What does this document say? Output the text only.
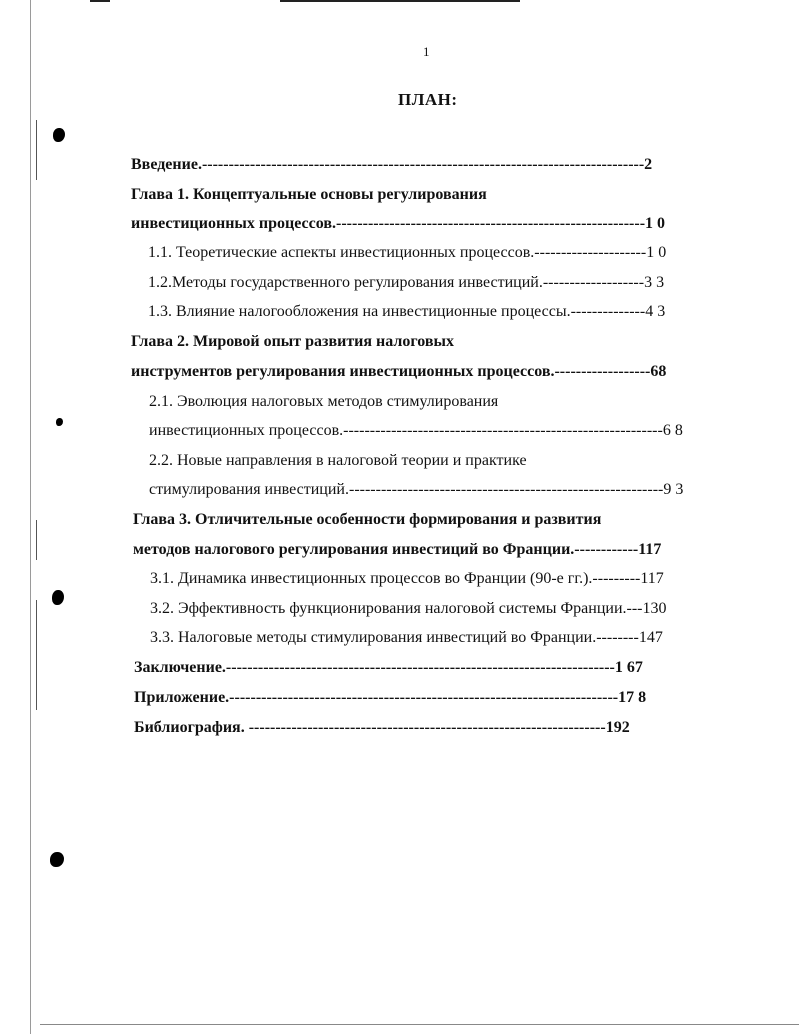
1
ПЛАН:
Введение.-----------------------------------------------------------------------------------2
Глава 1. Концептуальные основы регулирования
инвестиционных процессов.----------------------------------------------------------1 0
1.1. Теоретические аспекты инвестиционных процессов.---------------------1 0
1.2.Методы государственного регулирования инвестиций.-------------------3 3
1.3. Влияние налогообложения на инвестиционные процессы.--------------4 3
Глава 2. Мировой опыт развития налоговых
инструментов регулирования инвестиционных процессов.------------------68
2.1. Эволюция налоговых методов стимулирования
инвестиционных процессов.------------------------------------------------------------6 8
2.2. Новые направления в налоговой теории и практике
стимулирования инвестиций.-----------------------------------------------------------9 3
Глава 3. Отличительные особенности формирования и развития
методов налогового регулирования инвестиций во Франции.------------117
3.1. Динамика инвестиционных процессов во Франции (90-е гг.).---------117
3.2. Эффективность функционирования налоговой системы Франции.---130
3.3. Налоговые методы стимулирования инвестиций во Франции.--------147
Заключение.-------------------------------------------------------------------------1 67
Приложение.-------------------------------------------------------------------------17 8
Библиография. -------------------------------------------------------------------192
